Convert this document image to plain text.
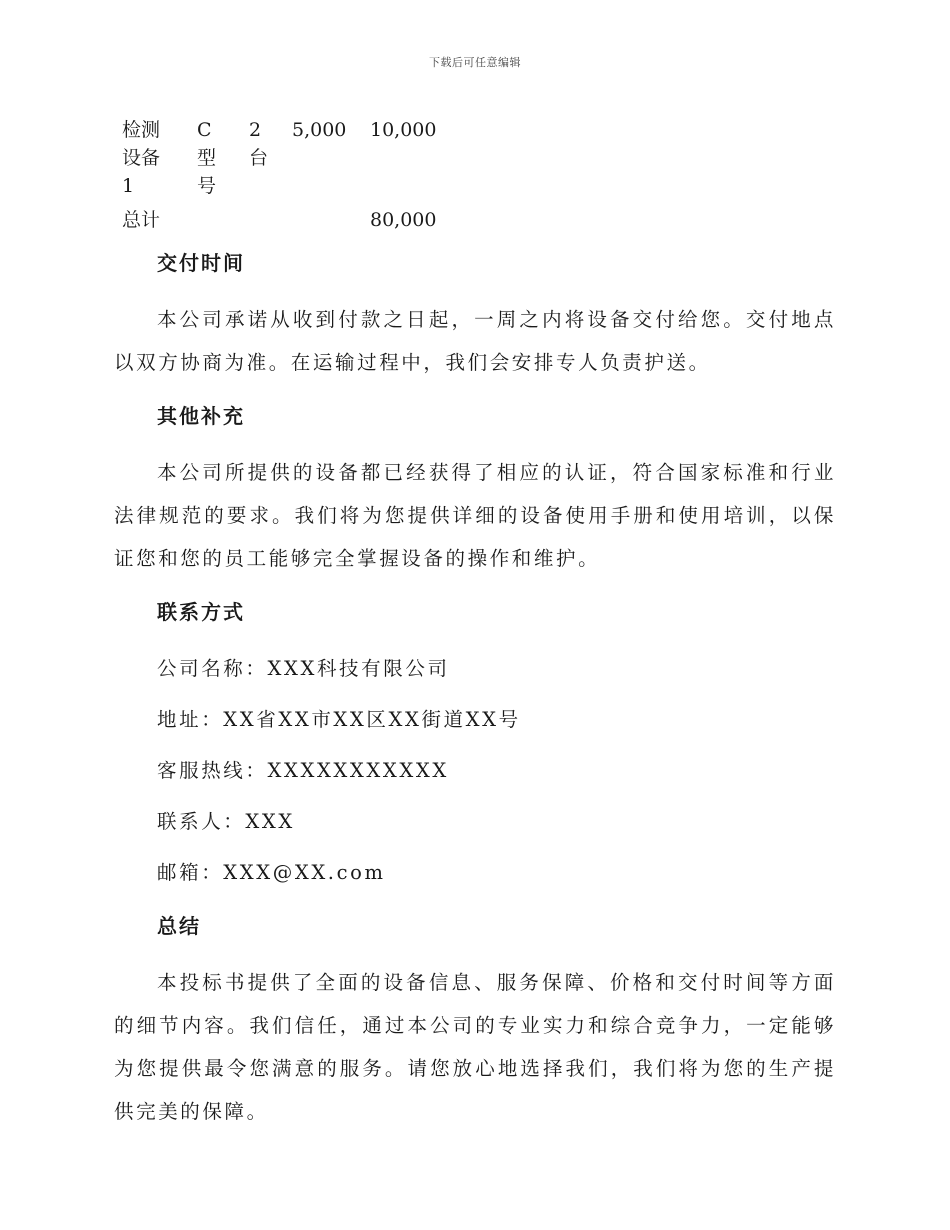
下载后可任意编辑
检测设备1
C型号
2台
5,000 10,000
总计	80,000
交付时间

本公司承诺从收到付款之日起，一周之内将设备交付给您。交付地点以双方协商为准。在运输过程中，我们会安排专人负责护送。

其他补充

本公司所提供的设备都已经获得了相应的认证，符合国家标准和行业法律规范的要求。我们将为您提供详细的设备使用手册和使用培训，以保证您和您的员工能够完全掌握设备的操作和维护。

联系方式

公司名称：XXX科技有限公司

地址：XX省XX市XX区XX街道XX号

客服热线：XXXXXXXXXXX

联系人：XXX

邮箱：XXX@XX.com

总结

本投标书提供了全面的设备信息、服务保障、价格和交付时间等方面的细节内容。我们信任，通过本公司的专业实力和综合竞争力，一定能够为您提供最令您满意的服务。请您放心地选择我们，我们将为您的生产提供完美的保障。
